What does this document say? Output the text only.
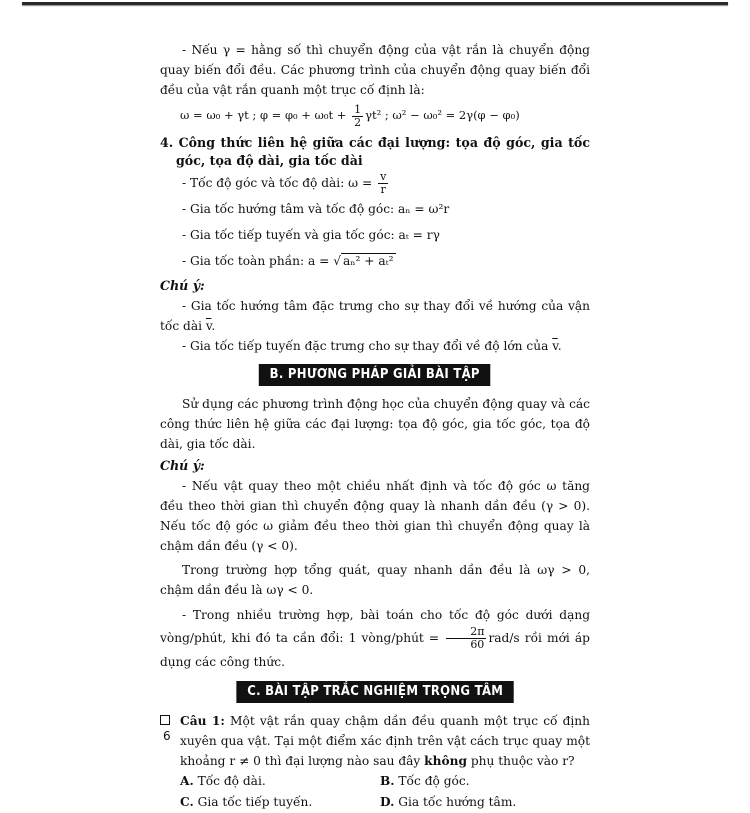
- Nếu γ = hằng số thì chuyển động của vật rắn là chuyển động quay biến đổi đều. Các phương trình của chuyển động quay biến đổi đều của vật rắn quanh một trục cố định là:

ω = ω₀ + γt ; $\varphi = \varphi_0 + \omega_0t + \frac{1}{2} \gamma t^2$ ; ω² − ω₀² = 2γ(φ − φ₀)

4. Công thức liên hệ giữa các đại lượng: tọa độ góc, gia tốc góc, tọa độ dài, gia tốc dài

- Tốc độ góc và tốc độ dài: $\omega = \frac{v}{r}$
- Gia tốc hướng tâm và tốc độ góc: aₙ = ω²r
- Gia tốc tiếp tuyến và gia tốc góc: aₜ = rγ
- Gia tốc toàn phần: a = √ aₙ² + aₜ²

Chú ý:

- Gia tốc hướng tâm đặc trưng cho sự thay đổi về hướng của vận tốc dài $\overline{v}$.

- Gia tốc tiếp tuyến đặc trưng cho sự thay đổi về độ lớn của $\overline{v}$.

B. PHƯƠNG PHÁP GIẢI BÀI TẬP

Sử dụng các phương trình động học của chuyển động quay và các công thức liên hệ giữa các đại lượng: tọa độ góc, gia tốc góc, tọa độ dài, gia tốc dài.

Chú ý:

- Nếu vật quay theo một chiều nhất định và tốc độ góc ω tăng đều theo thời gian thì chuyển động quay là nhanh dần đều (γ > 0). Nếu tốc độ góc ω giảm đều theo thời gian thì chuyển động quay là chậm dần đều (γ < 0).

Trong trường hợp tổng quát, quay nhanh dần đều là ωγ > 0, chậm dần đều là ωγ < 0.

- Trong nhiều trường hợp, bài toán cho tốc độ góc dưới dạng vòng/phút, khi đó ta cần đổi: 1 vòng/phút = $\frac{2\pi}{60} rad/s$ rồi mới áp dụng các công thức.

C. BÀI TẬP TRẮC NGHIỆM TRỌNG TÂM

Câu 1: Một vật rắn quay chậm dần đều quanh một trục cố định xuyên qua vật. Tại một điểm xác định trên vật cách trục quay một khoảng r ≠ 0 thì đại lượng nào sau đây không phụ thuộc vào r?

A. Tốc độ dài.	B. Tốc độ góc.
C. Gia tốc tiếp tuyến.	D. Gia tốc hướng tâm.
6
